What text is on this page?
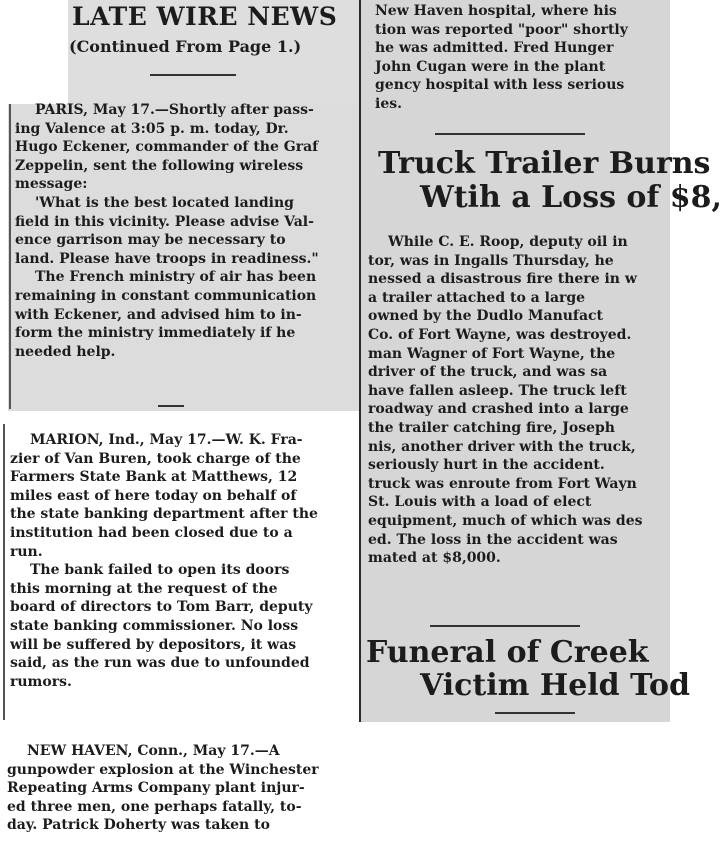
LATE WIRE NEWS
(Continued From Page 1.)

PARIS, May 17.—Shortly after pass-

ing Valence at 3:05 p. m. today, Dr.

Hugo Eckener, commander of the Graf

Zeppelin, sent the following wireless

message:

'What is the best located landing

field in this vicinity. Please advise Val-

ence garrison may be necessary to

land. Please have troops in readiness."

The French ministry of air has been

remaining in constant communication

with Eckener, and advised him to in-

form the ministry immediately if he

needed help.

MARION, Ind., May 17.—W. K. Fra-

zier of Van Buren, took charge of the

Farmers State Bank at Matthews, 12

miles east of here today on behalf of

the state banking department after the

institution had been closed due to a

run.

The bank failed to open its doors

this morning at the request of the

board of directors to Tom Barr, deputy

state banking commissioner. No loss

will be suffered by depositors, it was

said, as the run was due to unfounded

rumors.

NEW HAVEN, Conn., May 17.—A

gunpowder explosion at the Winchester

Repeating Arms Company plant injur-

ed three men, one perhaps fatally, to-

day. Patrick Doherty was taken to

New Haven hospital, where his

tion was reported "poor" shortly

he was admitted. Fred Hunger

John Cugan were in the plant

gency hospital with less serious

ies.

Truck Trailer Burns
Wtih a Loss of $8,

While C. E. Roop, deputy oil in

tor, was in Ingalls Thursday, he

nessed a disastrous fire there in w

a trailer attached to a large

owned by the Dudlo Manufact

Co. of Fort Wayne, was destroyed.

man Wagner of Fort Wayne, the

driver of the truck, and was sa

have fallen asleep. The truck left

roadway and crashed into a large

the trailer catching fire, Joseph

nis, another driver with the truck,

seriously hurt in the accident.

truck was enroute from Fort Wayn

St. Louis with a load of elect

equipment, much of which was des

ed. The loss in the accident was

mated at $8,000.

Funeral of Creek
Victim Held Tod
